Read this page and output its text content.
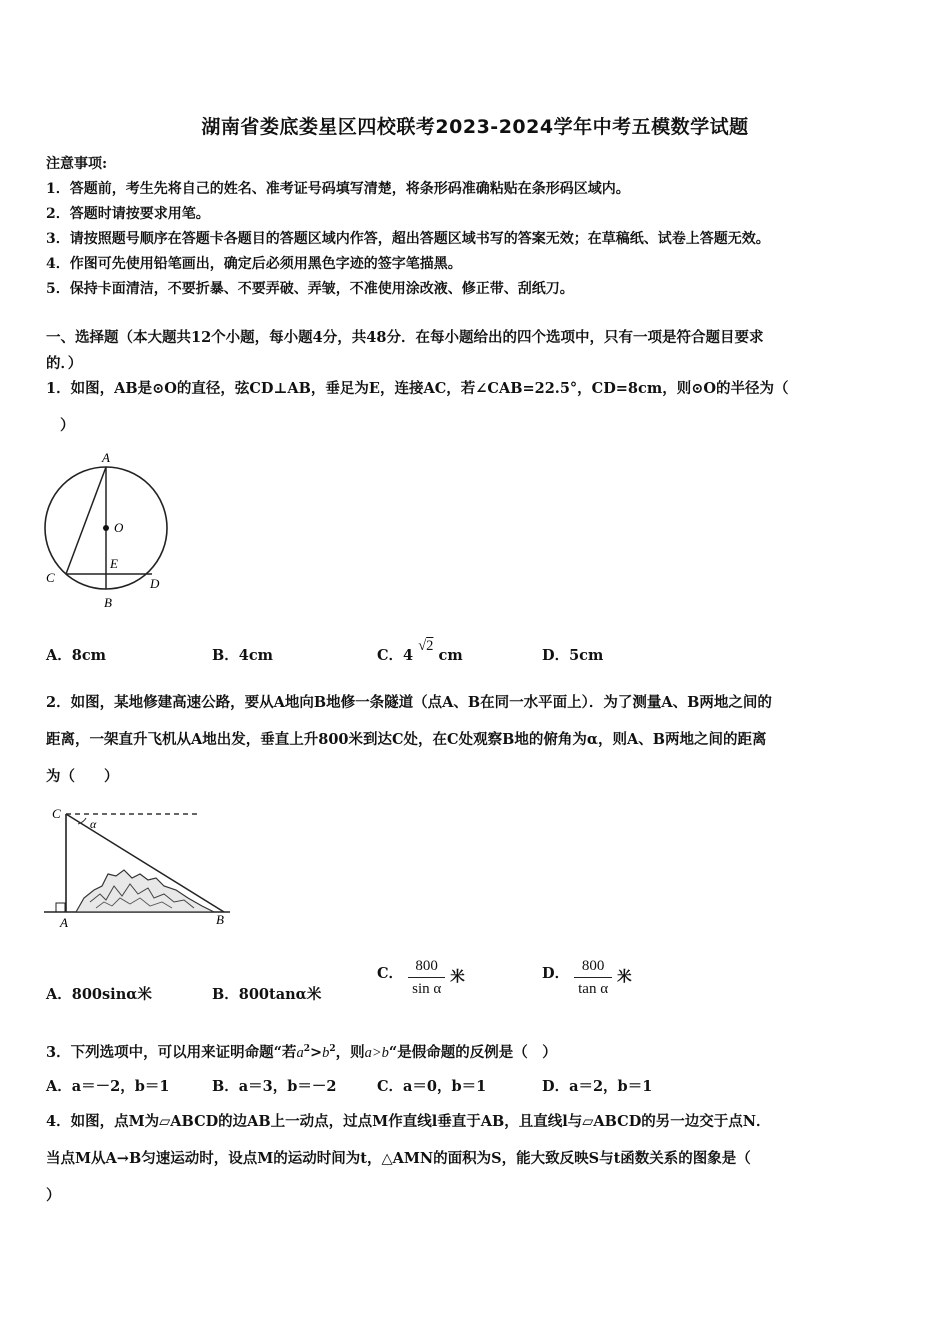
湖南省娄底娄星区四校联考2023-2024学年中考五模数学试题
注意事项:
1．答题前，考生先将自己的姓名、准考证号码填写清楚，将条形码准确粘贴在条形码区域内。
2．答题时请按要求用笔。
3．请按照题号顺序在答题卡各题目的答题区域内作答，超出答题区域书写的答案无效；在草稿纸、试卷上答题无效。
4．作图可先使用铅笔画出，确定后必须用黑色字迹的签字笔描黑。
5．保持卡面清洁，不要折暴、不要弄破、弄皱，不准使用涂改液、修正带、刮纸刀。
一、选择题（本大题共12个小题，每小题4分，共48分．在每小题给出的四个选项中，只有一项是符合题目要求
的．）
1．如图，AB是⊙O的直径，弦CD⊥AB，垂足为E，连接AC，若∠CAB=22.5°，CD=8cm，则⊙O的半径为（
）
A
O
E
C	D
B
A．8cm	B．4cm	C．4 √2 cm	D．5cm
2．如图，某地修建高速公路，要从A地向B地修一条隧道（点A、B在同一水平面上）．为了测量A、B两地之间的
距离，一架直升飞机从A地出发，垂直上升800米到达C处，在C处观察B地的俯角为α，则A、B两地之间的距离
为（　　）
C
α
A	B
A．800sinα米	B．800tanα米
C． $\frac{800}{\text{sin α}}$ 米	D． $\frac{800}{\text{tan α}}$ 米
3．下列选项中，可以用来证明命题“若$a^2>b^2$，则a>b“是假命题的反例是（　）
A．a＝－2，b＝1	B．a＝3，b＝－2	C．a＝0，b＝1	D．a＝2，b＝1
4．如图，点M为▱ABCD的边AB上一动点，过点M作直线l垂直于AB，且直线l与▱ABCD的另一边交于点N．
当点M从A→B匀速运动时，设点M的运动时间为t，△AMN的面积为S，能大致反映S与t函数关系的图象是（
）
